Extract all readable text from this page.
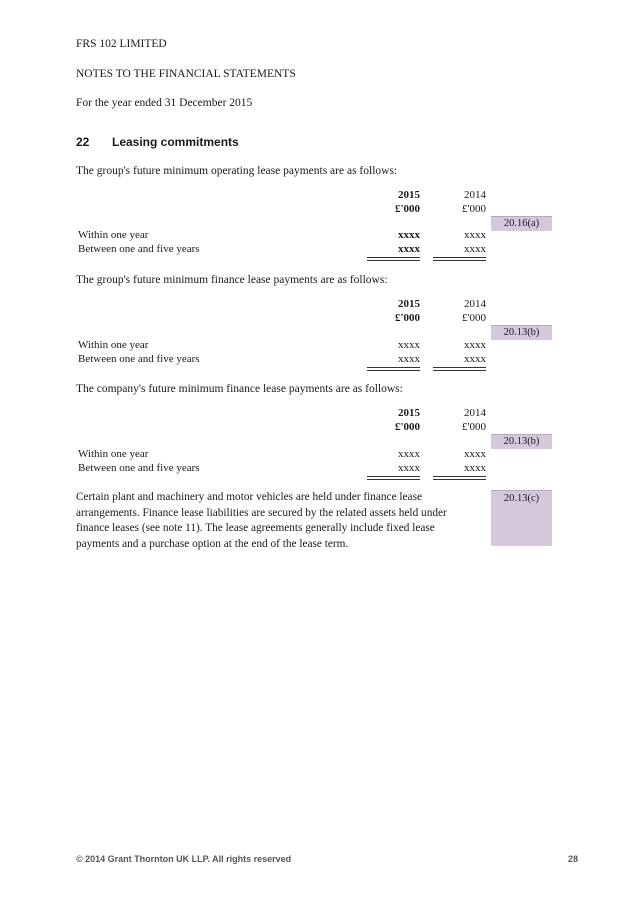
FRS 102 LIMITED
NOTES TO THE FINANCIAL STATEMENTS
For the year ended 31 December 2015
22 Leasing commitments
The group's future minimum operating lease payments are as follows:
2015	2014
£'000	£'000
20.16(a)
Within one year	xxxx	xxxx
Between one and five years	xxxx	xxxx
The group's future minimum finance lease payments are as follows:
2015	2014
£'000	£'000
20.13(b)
Within one year	xxxx	xxxx
Between one and five years	xxxx	xxxx
The company's future minimum finance lease payments are as follows:
2015	2014
£'000	£'000
20.13(b)
Within one year	xxxx	xxxx
Between one and five years	xxxx	xxxx
Certain plant and machinery and motor vehicles are held under finance lease
arrangements. Finance lease liabilities are secured by the related assets held under
finance leases (see note 11). The lease agreements generally include fixed lease
payments and a purchase option at the end of the lease term.
20.13(c)
© 2014 Grant Thornton UK LLP. All rights reserved	28
